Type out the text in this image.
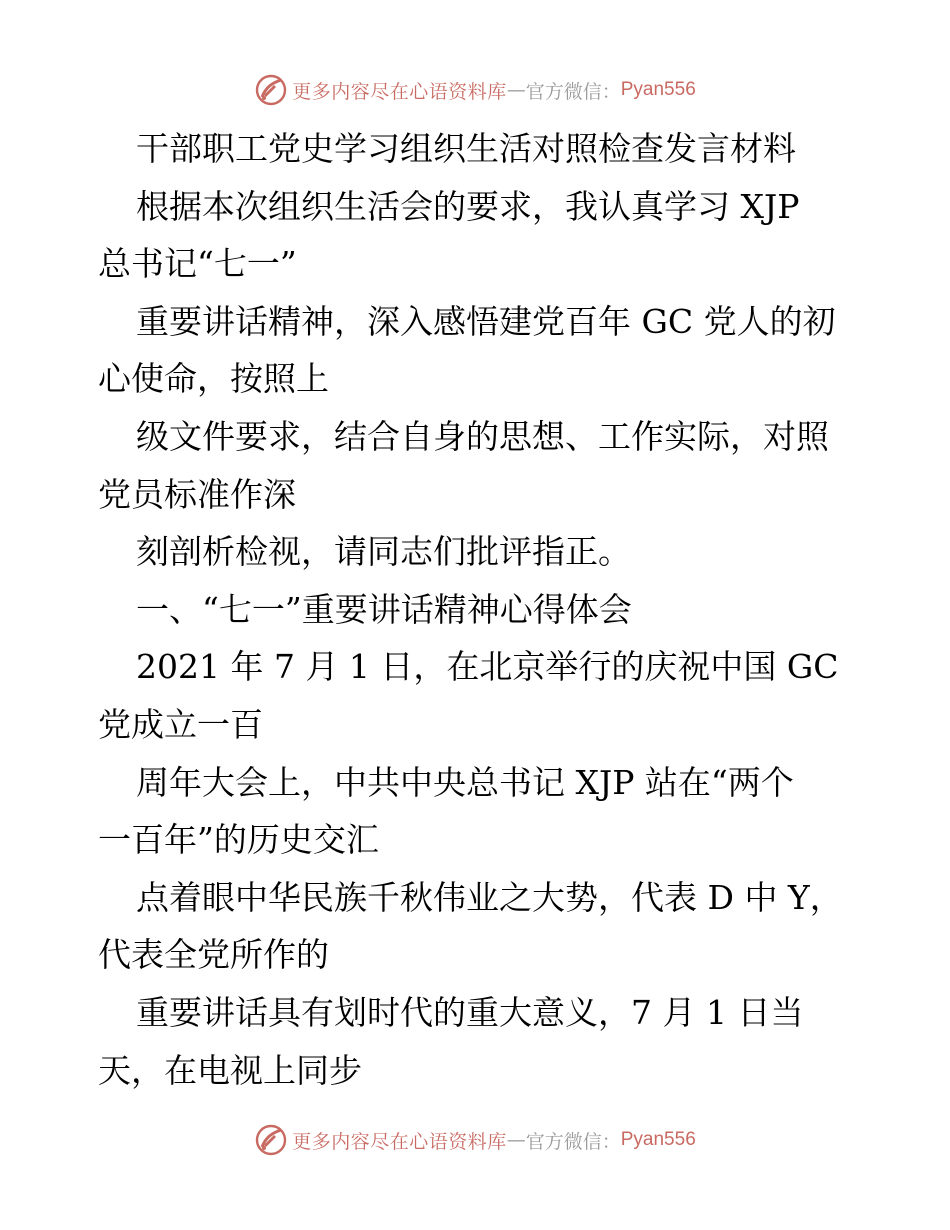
更多内容尽在心语资料库 — 官方微信： Pyan556
干部职工党史学习组织生活对照检查发言材料
根据本次组织生活会的要求，我认真学习 XJP
总书记“七一”
重要讲话精神，深入感悟建党百年 GC 党人的初
心使命，按照上
级文件要求，结合自身的思想、工作实际，对照
党员标准作深
刻剖析检视，请同志们批评指正。
一、“七一”重要讲话精神心得体会
2021 年 7 月 1 日，在北京举行的庆祝中国 GC
党成立一百
周年大会上，中共中央总书记 XJP 站在“两个
一百年”的历史交汇
点着眼中华民族千秋伟业之大势，代表 D 中 Y，
代表全党所作的
重要讲话具有划时代的重大意义，7 月 1 日当
天，在电视上同步
更多内容尽在心语资料库 — 官方微信： Pyan556
